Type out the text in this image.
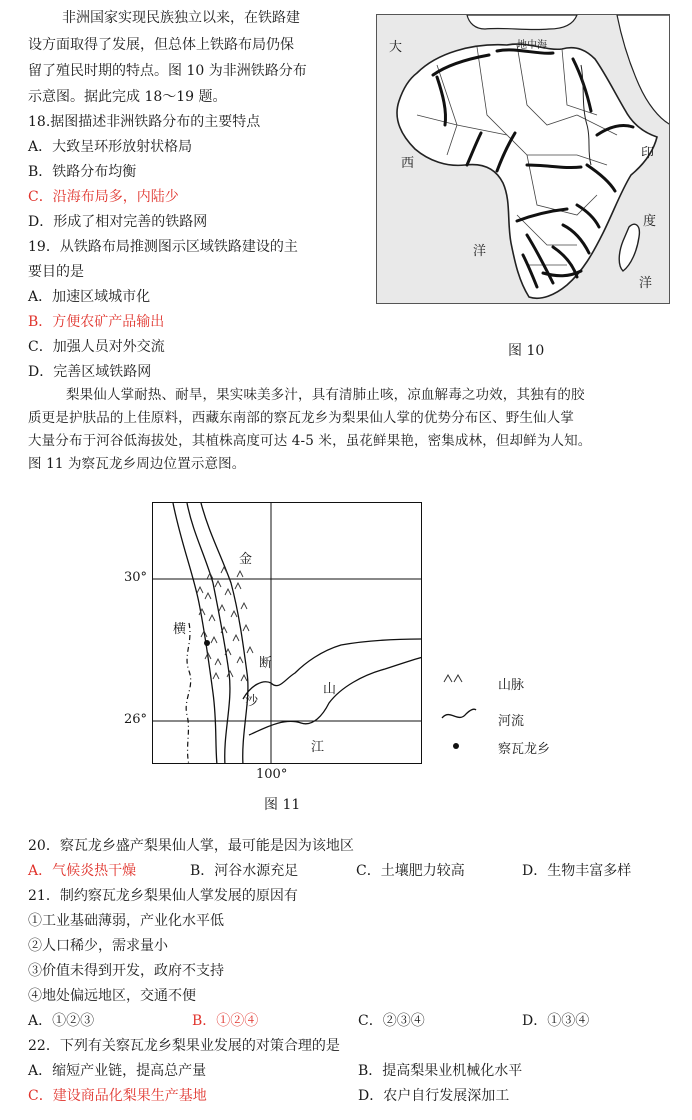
非洲国家实现民族独立以来，在铁路建
设方面取得了发展，但总体上铁路布局仍保
留了殖民时期的特点。图 10 为非洲铁路分布
示意图。据此完成 18～19 题。
18.据图描述非洲铁路分布的主要特点
A．大致呈环形放射状格局
B．铁路分布均衡
C．沿海布局多，内陆少
D．形成了相对完善的铁路网
19．从铁路布局推测图示区域铁路建设的主
要目的是
A．加速区域城市化
B．方便农矿产品输出
C．加强人员对外交流
D．完善区域铁路网
大	地中海
西
洋
印
度
洋
图 10
梨果仙人掌耐热、耐旱，果实味美多汁，具有清肺止咳，凉血解毒之功效，其独有的胶
质更是护肤品的上佳原料，西藏东南部的察瓦龙乡为梨果仙人掌的优势分布区、野生仙人掌
大量分布于河谷低海拔处，其植株高度可达 4-5 米，虽花鲜果艳，密集成林，但却鲜为人知。
图 11 为察瓦龙乡周边位置示意图。
金
横
断
沙
山
江
30°
26°
100°
山脉
河流
察瓦龙乡
图 11
20．察瓦龙乡盛产梨果仙人掌，最可能是因为该地区
A．气候炎热干燥	B．河谷水源充足	C．土壤肥力较高	D．生物丰富多样
21．制约察瓦龙乡梨果仙人掌发展的原因有
①工业基础薄弱，产业化水平低
②人口稀少，需求量小
③价值未得到开发，政府不支持
④地处偏远地区，交通不便
A．①②③	B．①②④	C．②③④	D．①③④
22．下列有关察瓦龙乡梨果业发展的对策合理的是
A．缩短产业链，提高总产量	B．提高梨果业机械化水平
C．建设商品化梨果生产基地	D．农户自行发展深加工
